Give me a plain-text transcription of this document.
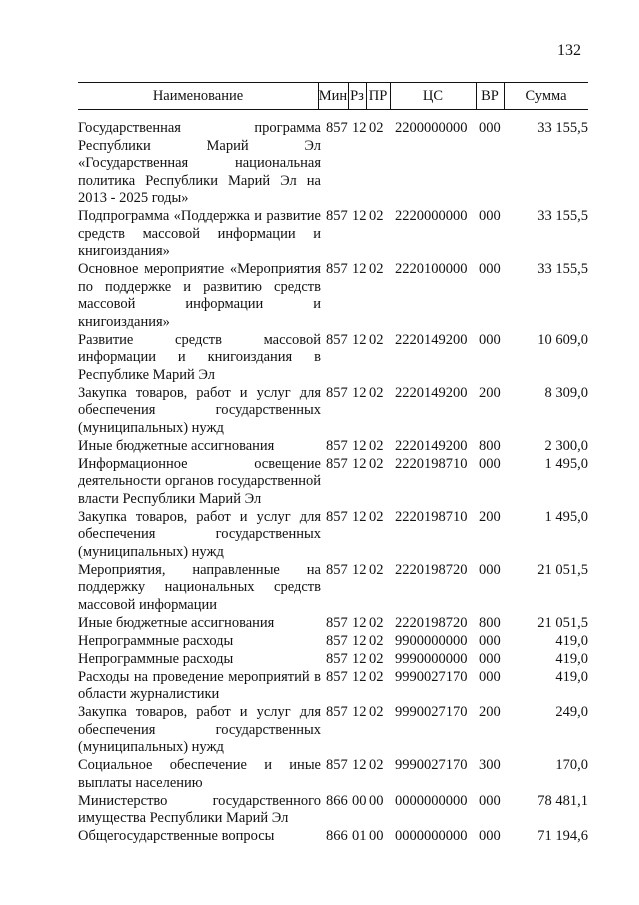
132
Наименование	Мин Рз ПР	ЦС	ВР	Сумма
Государственная программа Республики Марий Эл «Государственная национальная политика Республики Марий Эл на 2013 - 2025 годы»
857 12 02 2200000000 000	33 155,5
Подпрограмма «Поддержка и развитие средств массовой информации и книгоиздания»
857 12 02 2220000000 000	33 155,5
Основное мероприятие «Мероприятия по поддержке и развитию средств массовой информации и книгоиздания»
857 12 02 2220100000 000	33 155,5
Развитие средств массовой информации и книгоиздания в Республике Марий Эл
857 12 02 2220149200 000	10 609,0
Закупка товаров, работ и услуг для обеспечения государственных (муниципальных) нужд
857 12 02 2220149200 200	8 309,0
Иные бюджетные ассигнования	857 12 02 2220149200 800	2 300,0
Информационное освещение деятельности органов государственной власти Республики Марий Эл
857 12 02 2220198710 000	1 495,0
Закупка товаров, работ и услуг для обеспечения государственных (муниципальных) нужд
857 12 02 2220198710 200	1 495,0
Мероприятия, направленные на поддержку национальных средств массовой информации
857 12 02 2220198720 000	21 051,5
Иные бюджетные ассигнования	857 12 02 2220198720 800	21 051,5
Непрограммные расходы	857 12 02 9900000000 000	419,0
Непрограммные расходы	857 12 02 9990000000 000	419,0
Расходы на проведение мероприятий в области журналистики
857 12 02 9990027170 000	419,0
Закупка товаров, работ и услуг для обеспечения государственных (муниципальных) нужд
857 12 02 9990027170 200	249,0
Социальное обеспечение и иные выплаты населению
857 12 02 9990027170 300	170,0
Министерство государственного имущества Республики Марий Эл
866 00 00 0000000000 000	78 481,1
Общегосударственные вопросы	866 01 00 0000000000 000	71 194,6
